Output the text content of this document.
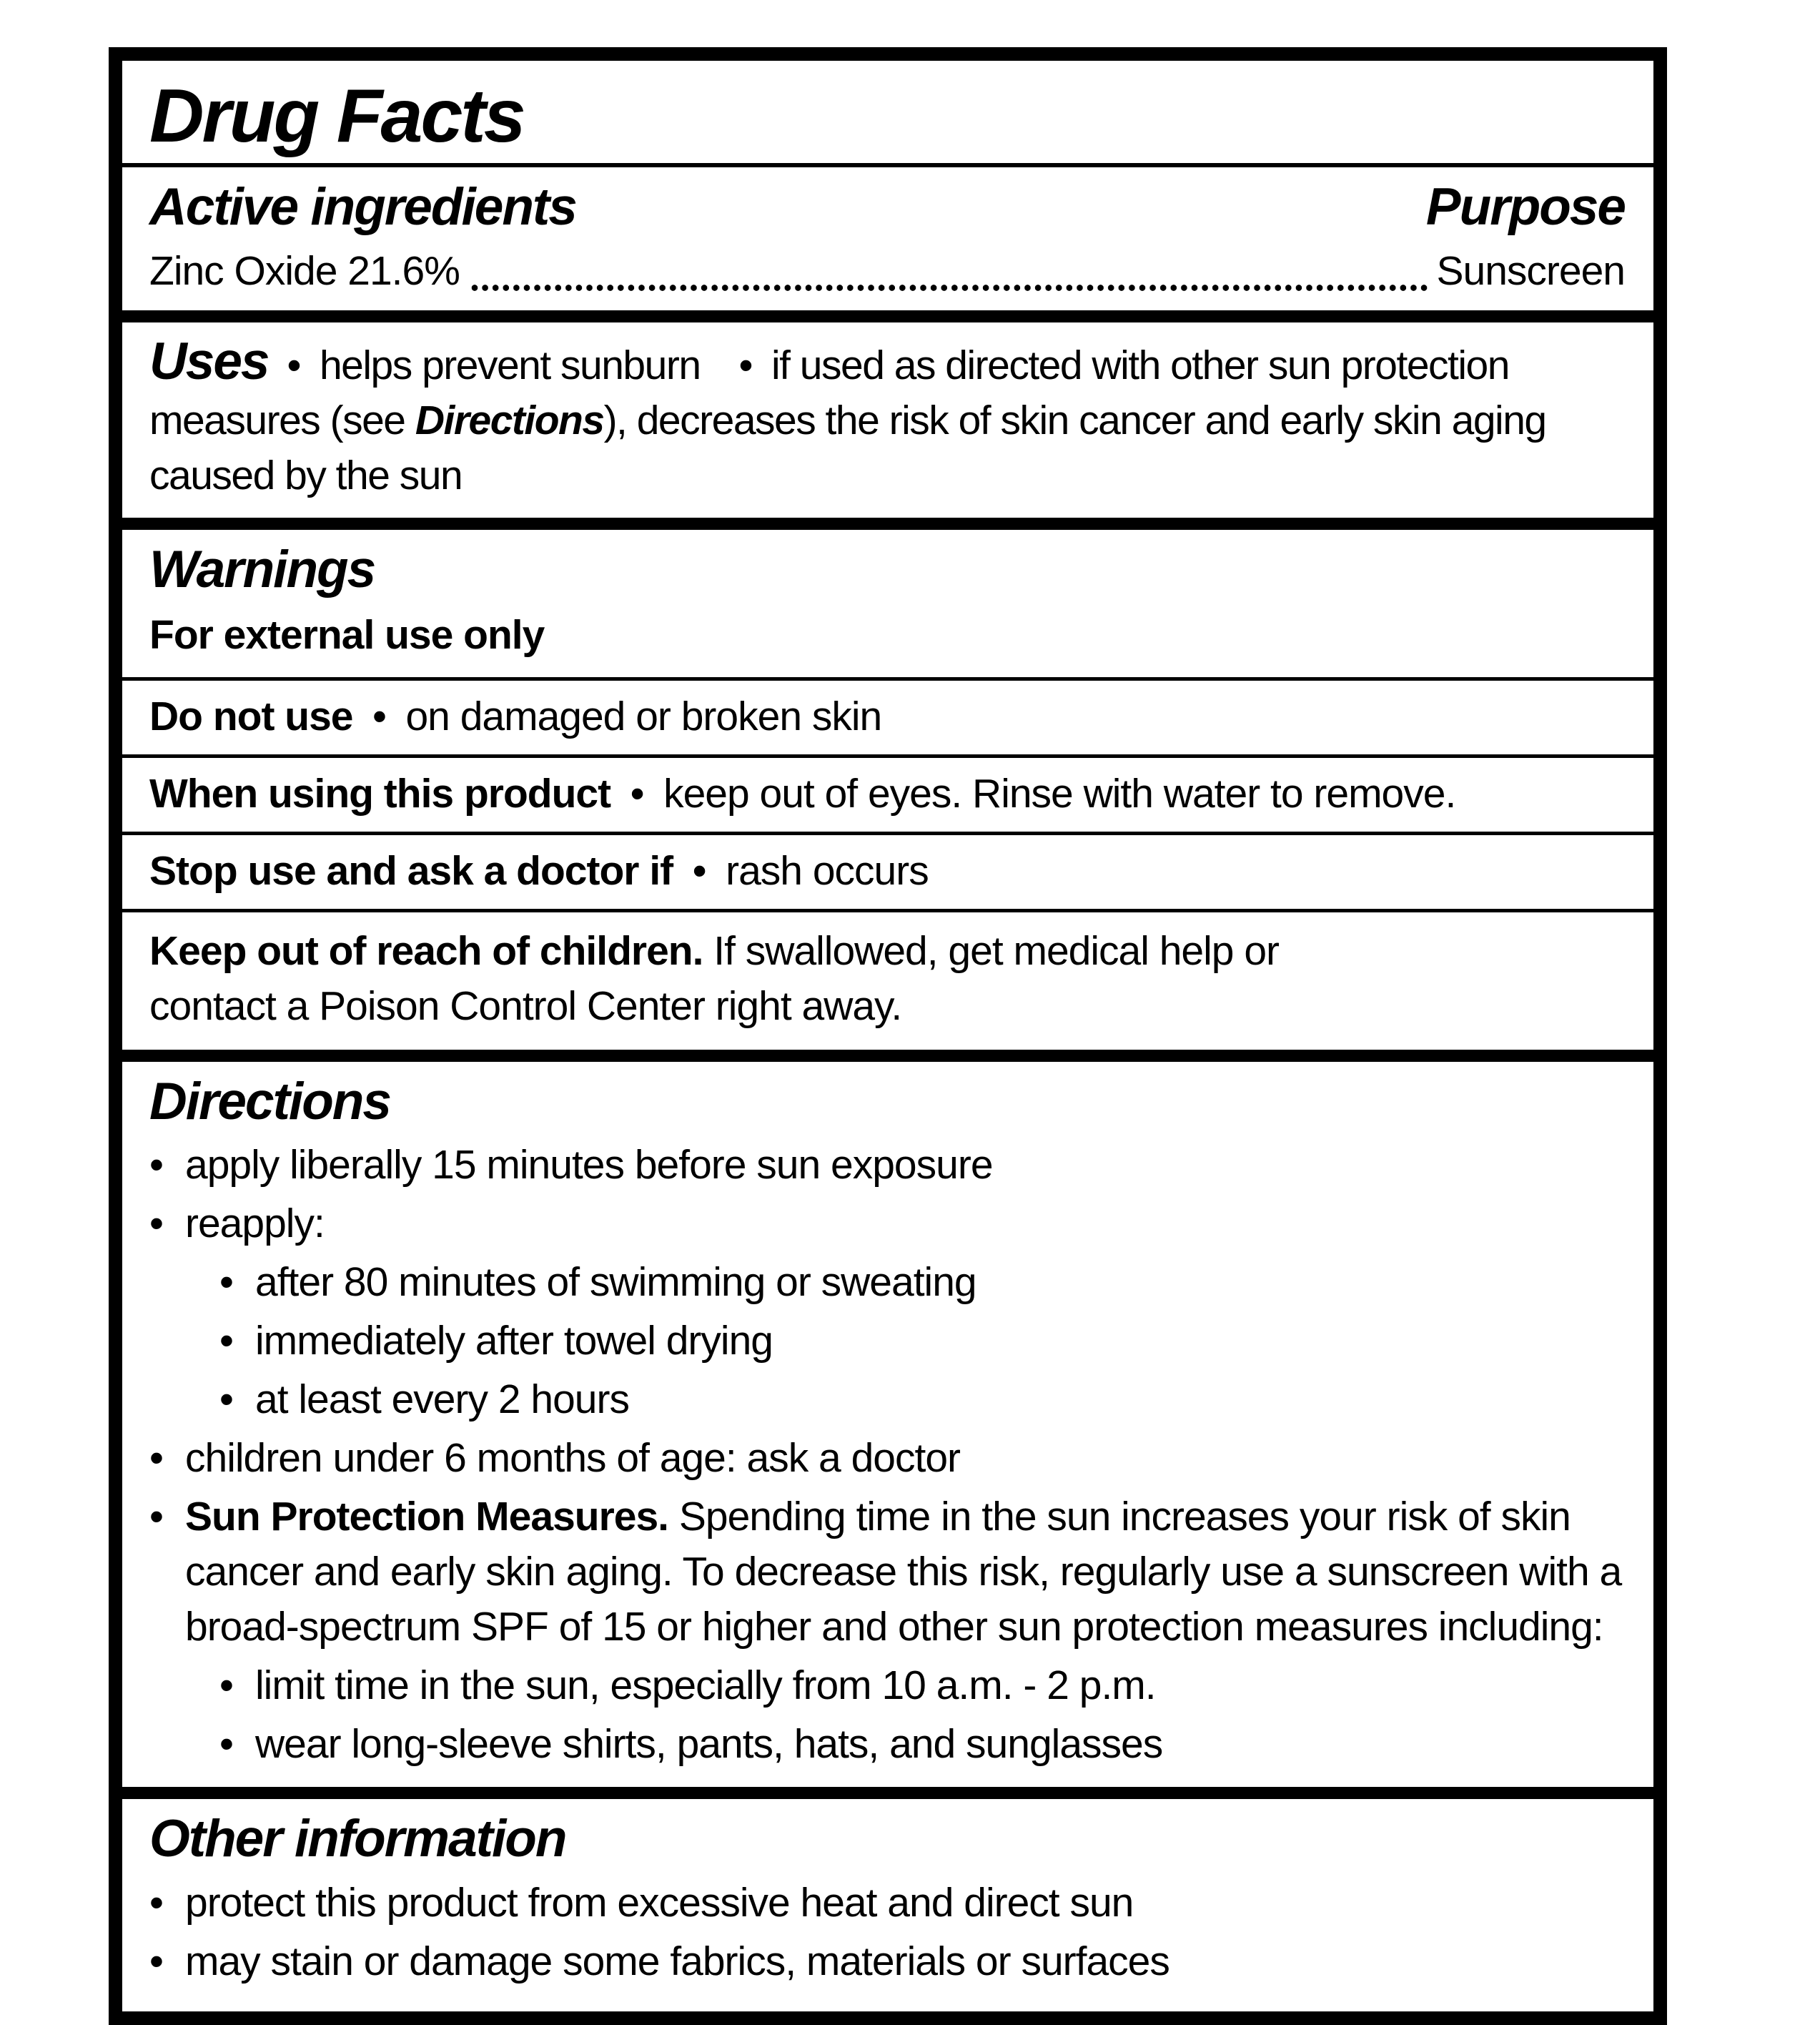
Drug Facts
Active ingredients	Purpose
Zinc Oxide 21.6%	Sunscreen

Uses • helps prevent sunburn  • if used as directed with other sun protection measures (see Directions), decreases the risk of skin cancer and early skin aging caused by the sun

Warnings
For external use only
Do not use • on damaged or broken skin
When using this product • keep out of eyes. Rinse with water to remove.
Stop use and ask a doctor if • rash occurs
Keep out of reach of children. If swallowed, get medical help or contact a Poison Control Center right away.
Directions
• apply liberally 15 minutes before sun exposure
• reapply:
• after 80 minutes of swimming or sweating
• immediately after towel drying
• at least every 2 hours
• children under 6 months of age: ask a doctor
• Sun Protection Measures. Spending time in the sun increases your risk of skin cancer and early skin aging. To decrease this risk, regularly use a sunscreen with a broad-spectrum SPF of 15 or higher and other sun protection measures including:
• limit time in the sun, especially from 10 a.m. - 2 p.m.
• wear long-sleeve shirts, pants, hats, and sunglasses
Other information
• protect this product from excessive heat and direct sun
• may stain or damage some fabrics, materials or surfaces
